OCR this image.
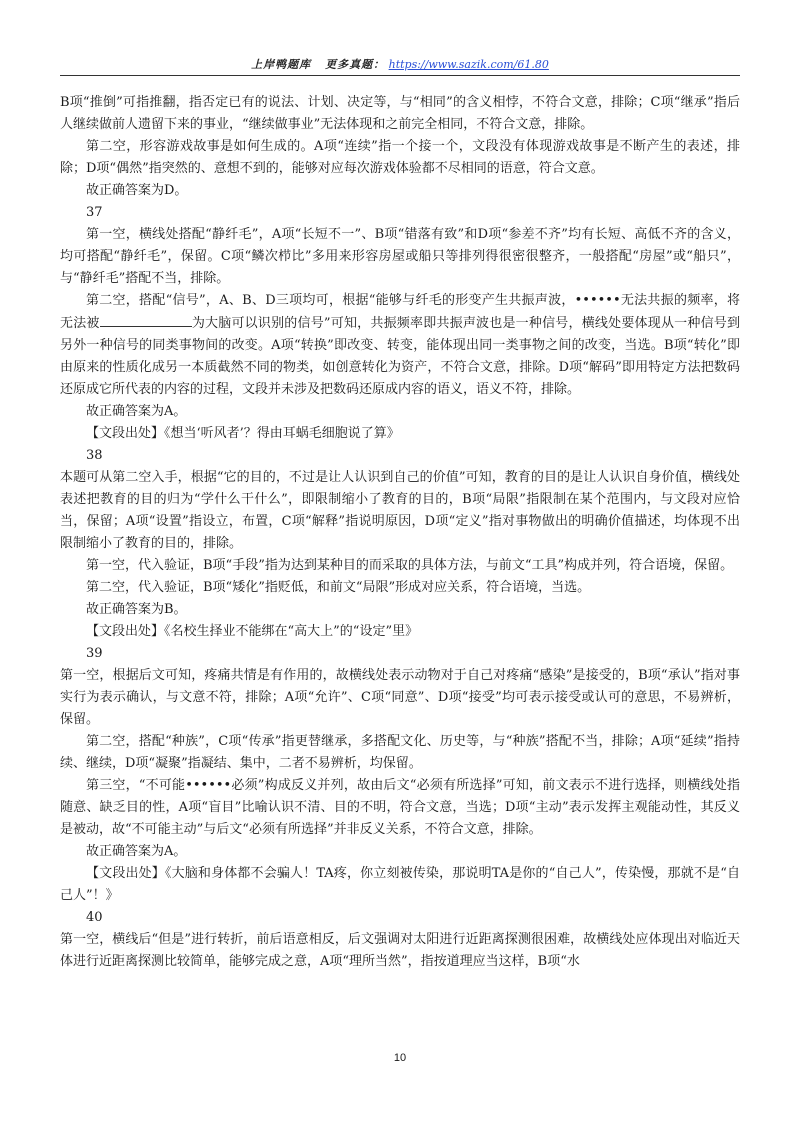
上岸鸭题库 更多真题： https://www.sazik.com/61.80

B项“推倒”可指推翻，指否定已有的说法、计划、决定等，与“相同”的含义相悖，不符合文意，排除；C项“继承”指后人继续做前人遗留下来的事业，“继续做事业”无法体现和之前完全相同，不符合文意，排除。

第二空，形容游戏故事是如何生成的。A项“连续”指一个接一个，文段没有体现游戏故事是不断产生的表述，排除；D项“偶然”指突然的、意想不到的，能够对应每次游戏体验都不尽相同的语意，符合文意。

故正确答案为D。

37

第一空，横线处搭配“静纤毛”，A项“长短不一”、B项“错落有致”和D项“参差不齐”均有长短、高低不齐的含义，均可搭配“静纤毛”，保留。C项“鳞次栉比”多用来形容房屋或船只等排列得很密很整齐，一般搭配“房屋”或“船只”，与“静纤毛”搭配不当，排除。

第二空，搭配“信号”，A、B、D三项均可，根据“能够与纤毛的形变产生共振声波，••••••无法共振的频率，将无法被	为大脑可以识别的信号”可知，共振频率即共振声波也是一种信号，横线处要体现从一种信号到另外一种信号的同类事物间的改变。A项“转换”即改变、转变，能体现出同一类事物之间的改变，当选。B项“转化”即由原来的性质化成另一本质截然不同的物类，如创意转化为资产，不符合文意，排除。D项“解码”即用特定方法把数码还原成它所代表的内容的过程，文段并未涉及把数码还原成内容的语义，语义不符，排除。

故正确答案为A。

【文段出处】《想当‘听风者’？得由耳蜗毛细胞说了算》

38

本题可从第二空入手，根据“它的目的，不过是让人认识到自己的价值”可知，教育的目的是让人认识自身价值，横线处表述把教育的目的归为“学什么干什么”，即限制缩小了教育的目的，B项“局限”指限制在某个范围内，与文段对应恰当，保留；A项“设置”指设立，布置，C项“解释”指说明原因，D项“定义”指对事物做出的明确价值描述，均体现不出限制缩小了教育的目的，排除。

第一空，代入验证，B项“手段”指为达到某种目的而采取的具体方法，与前文“工具”构成并列，符合语境，保留。

第二空，代入验证，B项“矮化”指贬低，和前文“局限”形成对应关系，符合语境，当选。

故正确答案为B。

【文段出处】《名校生择业不能绑在“高大上”的“设定”里》

39

第一空，根据后文可知，疼痛共情是有作用的，故横线处表示动物对于自己对疼痛“感染”是接受的，B项“承认”指对事实行为表示确认，与文意不符，排除；A项“允许”、C项“同意”、D项“接受”均可表示接受或认可的意思，不易辨析，保留。

第二空，搭配“种族”，C项“传承”指更替继承，多搭配文化、历史等，与“种族”搭配不当，排除；A项“延续”指持续、继续，D项“凝聚”指凝结、集中，二者不易辨析，均保留。

第三空，“不可能••••••必须”构成反义并列，故由后文“必须有所选择”可知，前文表示不进行选择，则横线处指随意、缺乏目的性，A项“盲目”比喻认识不清、目的不明，符合文意，当选；D项“主动”表示发挥主观能动性，其反义是被动，故“不可能主动”与后文“必须有所选择”并非反义关系，不符合文意，排除。

故正确答案为A。

【文段出处】《大脑和身体都不会骗人！TA疼，你立刻被传染，那说明TA是你的“自己人”，传染慢，那就不是“自己人”！》

40

第一空，横线后“但是”进行转折，前后语意相反，后文强调对太阳进行近距离探测很困难，故横线处应体现出对临近天体进行近距离探测比较简单，能够完成之意，A项“理所当然”，指按道理应当这样，B项“水

10
